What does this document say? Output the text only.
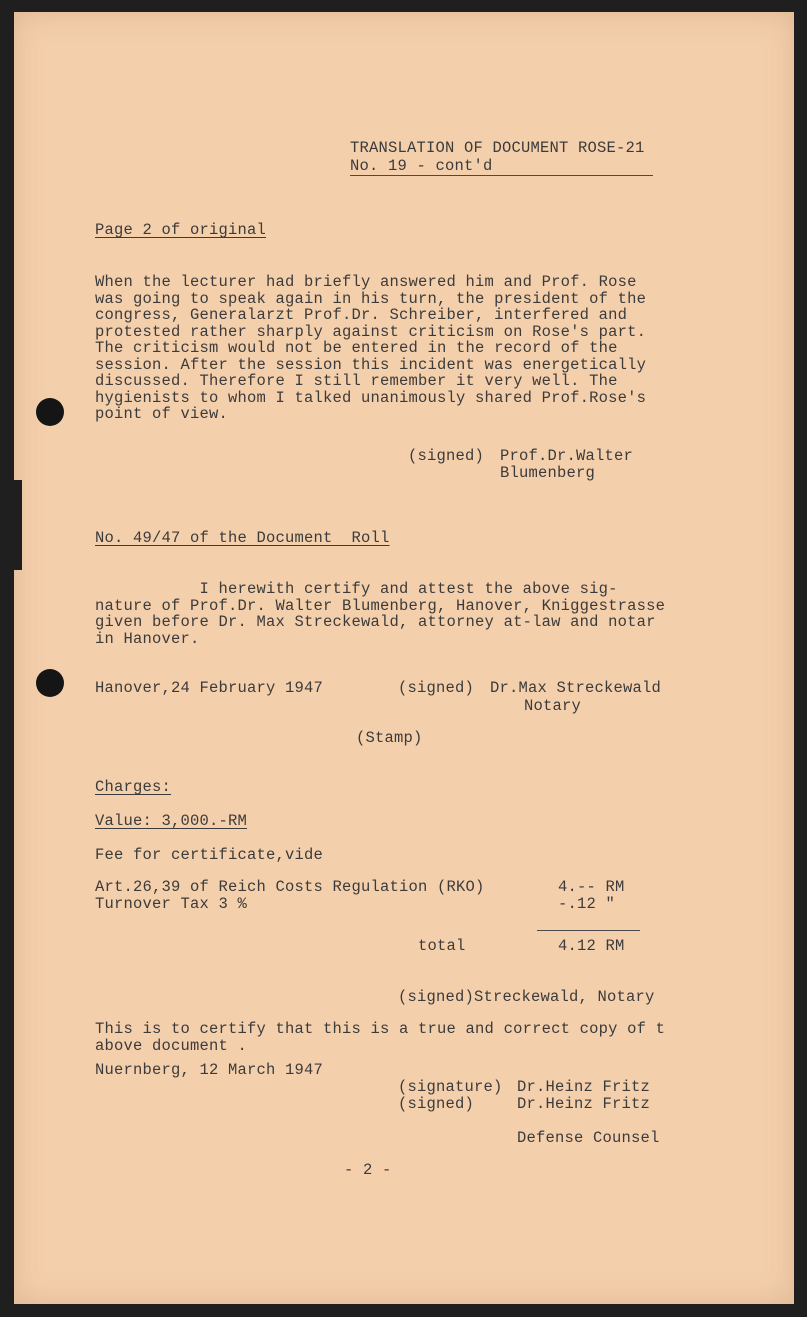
TRANSLATION OF DOCUMENT ROSE-21
No. 19 - cont'd
Page 2 of original
When the lecturer had briefly answered him and Prof. Rose
was going to speak again in his turn, the president of the
congress, Generalarzt Prof.Dr. Schreiber, interfered and
protested rather sharply against criticism on Rose's part.
The criticism would not be entered in the record of the
session. After the session this incident was energetically
discussed. Therefore I still remember it very well. The
hygienists to whom I talked unanimously shared Prof.Rose's
point of view.
(signed) Prof.Dr.Walter
Blumenberg
No. 49/47 of the Document  Roll
I herewith certify and attest the above sig-
nature of Prof.Dr. Walter Blumenberg, Hanover, Kniggestrasse
given before Dr. Max Streckewald, attorney at-law and notar
in Hanover.
Hanover,24 February 1947	(signed) Dr.Max Streckewald
Notary
(Stamp)
Charges:
Value: 3,000.-RM
Fee for certificate,vide
Art.26,39 of Reich Costs Regulation (RKO)	4.-- RM
Turnover Tax 3 %	-.12 "
total	4.12 RM
(signed)Streckewald, Notary
This is to certify that this is a true and correct copy of t
above document .
Nuernberg, 12 March 1947
(signature) Dr.Heinz Fritz
(signed)	Dr.Heinz Fritz
Defense Counsel
- 2 -
